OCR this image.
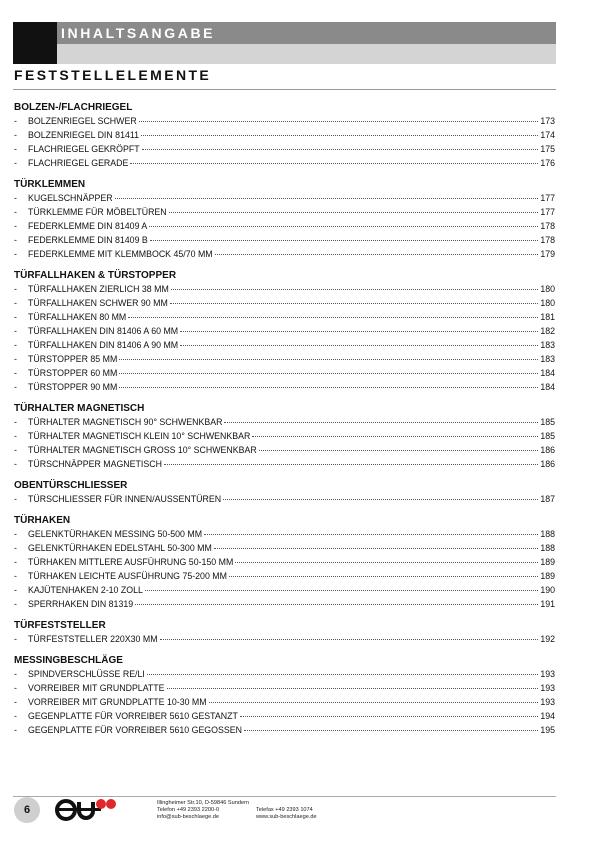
INHALTSANGABE
FESTSTELLELEMENTE
BOLZEN-/FLACHRIEGEL
-	BOLZENRIEGEL SCHWER	173
-	BOLZENRIEGEL DIN 81411	174
-	FLACHRIEGEL GEKRÖPFT	175
-	FLACHRIEGEL GERADE	176
TÜRKLEMMEN
-	KUGELSCHNÄPPER	177
-	TÜRKLEMME FÜR MÖBELTÜREN	177
-	FEDERKLEMME DIN 81409 A	178
-	FEDERKLEMME DIN 81409 B	178
-	FEDERKLEMME MIT KLEMMBOCK 45/70 MM	179
TÜRFALLHAKEN & TÜRSTOPPER
-	TÜRFALLHAKEN ZIERLICH 38 MM	180
-	TÜRFALLHAKEN SCHWER 90 MM	180
-	TÜRFALLHAKEN 80 MM	181
-	TÜRFALLHAKEN DIN 81406 A 60 MM	182
-	TÜRFALLHAKEN DIN 81406 A 90 MM	183
-	TÜRSTOPPER 85 MM	183
-	TÜRSTOPPER 60 MM	184
-	TÜRSTOPPER 90 MM	184
TÜRHALTER MAGNETISCH
-	TÜRHALTER MAGNETISCH 90° SCHWENKBAR	185
-	TÜRHALTER MAGNETISCH KLEIN 10° SCHWENKBAR	185
-	TÜRHALTER MAGNETISCH GROSS 10° SCHWENKBAR	186
-	TÜRSCHNÄPPER MAGNETISCH	186
OBENTÜRSCHLIESSER
-	TÜRSCHLIESSER FÜR INNEN/AUSSENTÜREN	187
TÜRHAKEN
-	GELENKTÜRHAKEN MESSING 50-500 MM	188
-	GELENKTÜRHAKEN EDELSTAHL 50-300 MM	188
-	TÜRHAKEN MITTLERE AUSFÜHRUNG 50-150 MM	189
-	TÜRHAKEN LEICHTE AUSFÜHRUNG 75-200 MM	189
-	KAJÜTENHAKEN 2-10 ZOLL	190
-	SPERRHAKEN DIN 81319	191
TÜRFESTSTELLER
-	TÜRFESTSTELLER 220X30 MM	192
MESSINGBESCHLÄGE
-	SPINDVERSCHLÜSSE RE/LI	193
-	VORREIBER MIT GRUNDPLATTE	193
-	VORREIBER MIT GRUNDPLATTE 10-30 MM	193
-	GEGENPLATTE FÜR VORREIBER 5610 GESTANZT	194
-	GEGENPLATTE FÜR VORREIBER 5610 GEGOSSEN	195
6
Illingheimer Str.10, D-59846 Sundern
Telefon +49 2393 2200-0
info@sub-beschlaege.de
Telefax +49 2393 1074
www.sub-beschlaege.de
